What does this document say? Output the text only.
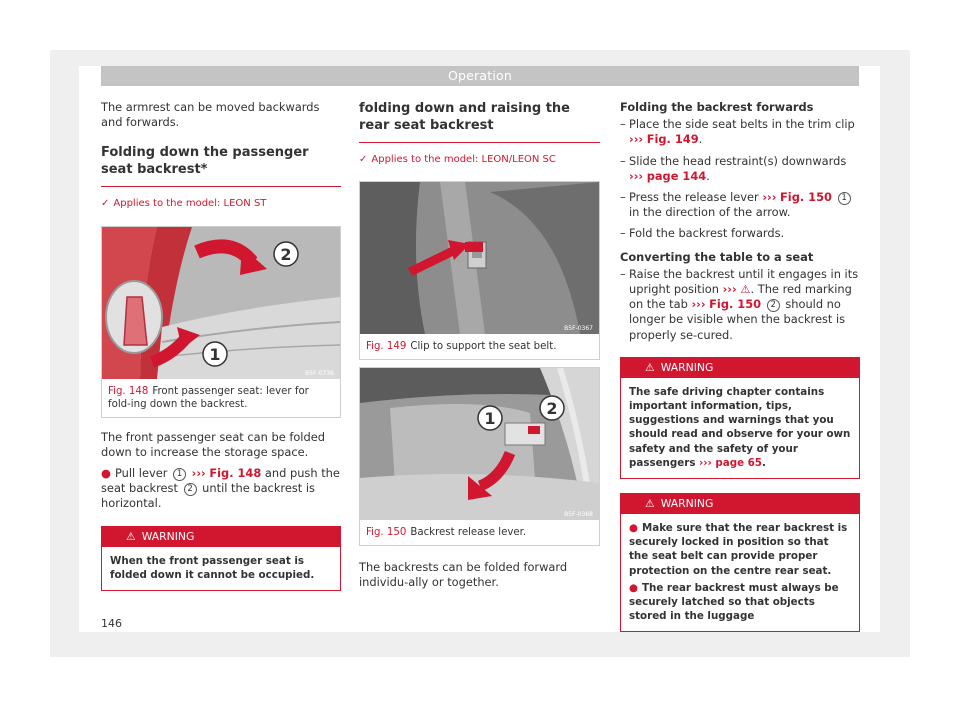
Operation

The armrest can be moved backwards and forwards.

Folding down the passenger seat backrest*
✓ Applies to the model: LEON ST
2
1
B5F-0736
Fig. 148 Front passenger seat: lever for fold-ing down the backrest.

The front passenger seat can be folded down to increase the storage space.

● Pull lever 1 ››› Fig. 148 and push the seat backrest 2 until the backrest is horizontal.

⚠ WARNING
When the front passenger seat is folded down it cannot be occupied.
folding down and raising the rear seat backrest
✓ Applies to the model: LEON/LEON SC
B5F-0367
Fig. 149 Clip to support the seat belt.
1
2
B5F-0368
Fig. 150 Backrest release lever.

The backrests can be folded forward individu-ally or together.

Folding the backrest forwards

– Place the side seat belts in the trim clip ››› Fig. 149.
– Slide the head restraint(s) downwards ››› page 144.
– Press the release lever ››› Fig. 150 1 in the direction of the arrow.
– Fold the backrest forwards.

Converting the table to a seat

– Raise the backrest until it engages in its upright position ››› ⚠. The red marking on the tab ››› Fig. 150 2 should no longer be visible when the backrest is properly se-cured.
⚠ WARNING
The safe driving chapter contains important information, tips, suggestions and warnings that you should read and observe for your own safety and the safety of your passengers ››› page 65.
⚠ WARNING
● Make sure that the rear backrest is securely locked in position so that the seat belt can provide proper protection on the centre rear seat.
● The rear backrest must always be securely latched so that objects stored in the luggage
146
